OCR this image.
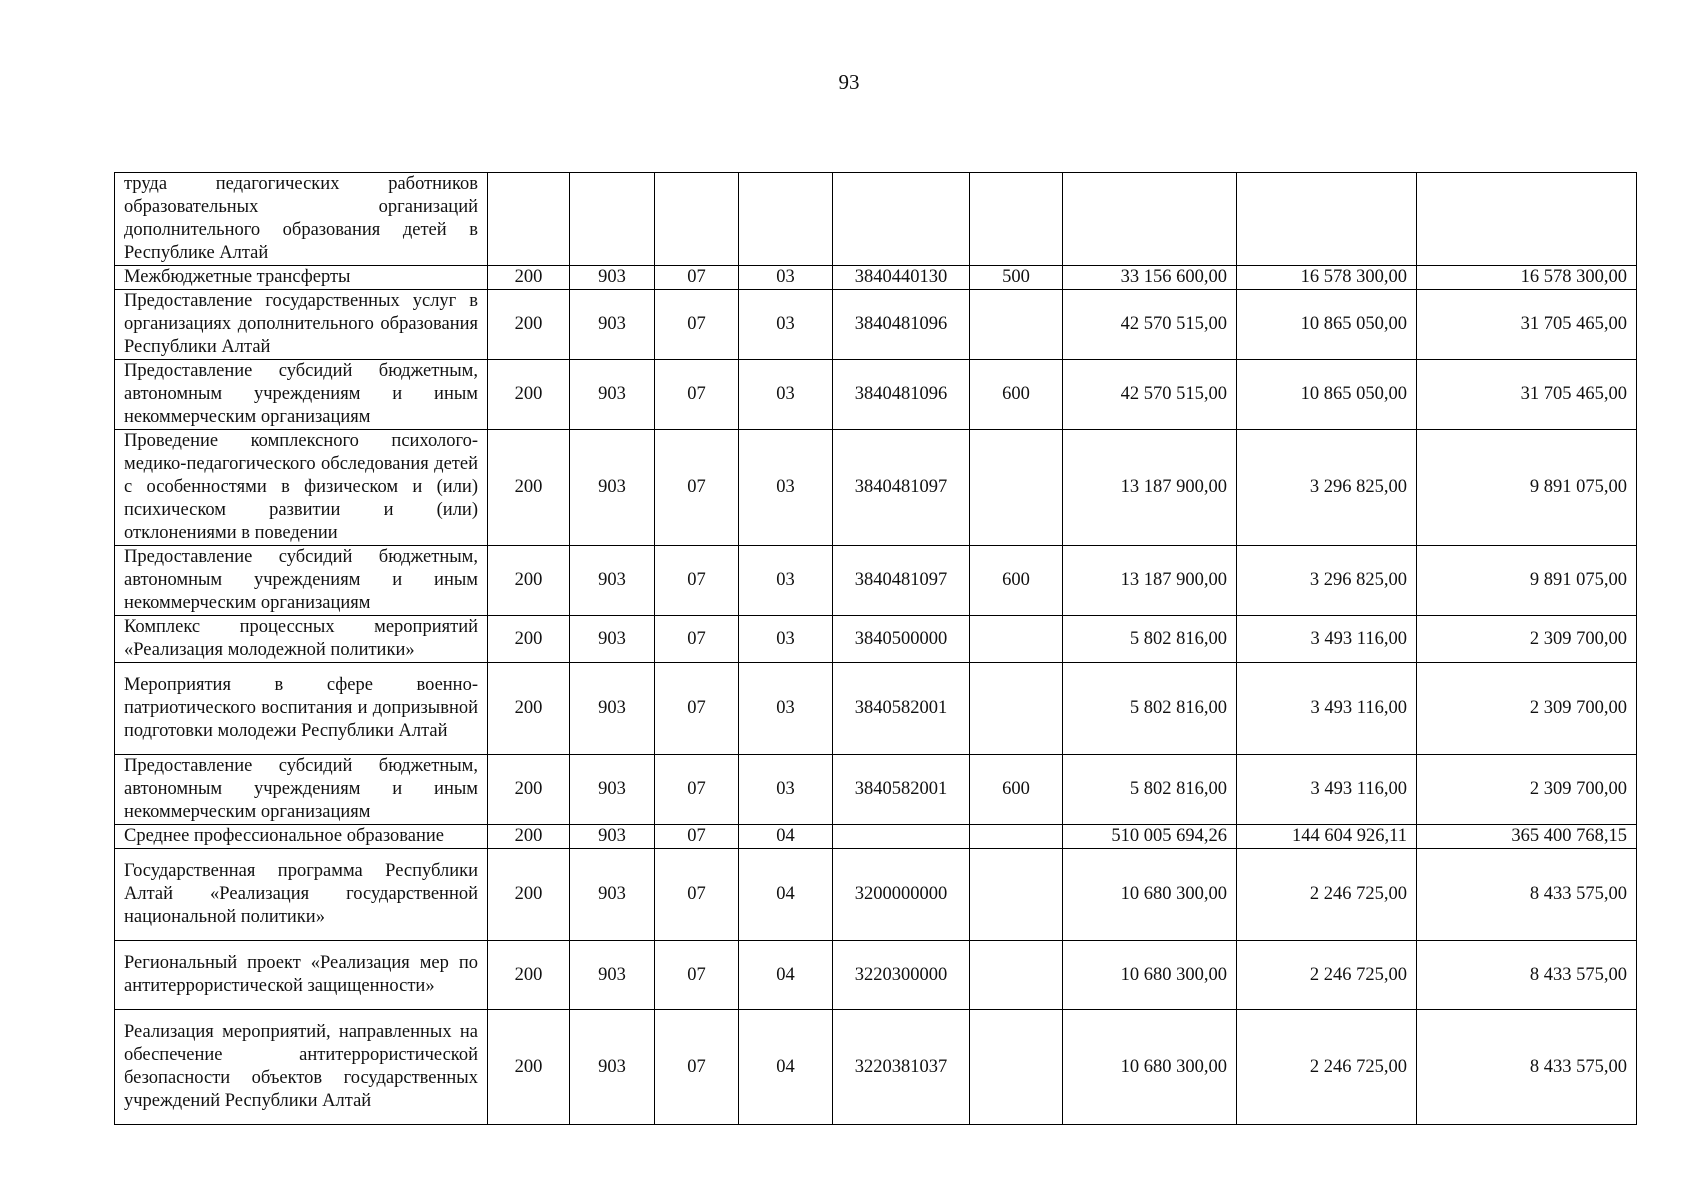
93
труда педагогических работников образовательных организаций дополнительного образования детей в Республике Алтай									
Межбюджетные трансферты	200	903	07	03	3840440130	500	33 156 600,00	16 578 300,00	16 578 300,00
Предоставление государственных услуг в организациях дополнительного образования Республики Алтай	200	903	07	03	3840481096		42 570 515,00	10 865 050,00	31 705 465,00
Предоставление субсидий бюджетным, автономным учреждениям и иным некоммерческим организациям	200	903	07	03	3840481096	600	42 570 515,00	10 865 050,00	31 705 465,00
Проведение комплексного психолого-медико-педагогического обследования детей с особенностями в физическом и (или) психическом развитии и (или) отклонениями в поведении	200	903	07	03	3840481097		13 187 900,00	3 296 825,00	9 891 075,00
Предоставление субсидий бюджетным, автономным учреждениям и иным некоммерческим организациям	200	903	07	03	3840481097	600	13 187 900,00	3 296 825,00	9 891 075,00
Комплекс процессных мероприятий «Реализация молодежной политики»	200	903	07	03	3840500000		5 802 816,00	3 493 116,00	2 309 700,00
Мероприятия в сфере военно-патриотического воспитания и допризывной подготовки молодежи Республики Алтай	200	903	07	03	3840582001		5 802 816,00	3 493 116,00	2 309 700,00
Предоставление субсидий бюджетным, автономным учреждениям и иным некоммерческим организациям	200	903	07	03	3840582001	600	5 802 816,00	3 493 116,00	2 309 700,00
Среднее профессиональное образование	200	903	07	04			510 005 694,26	144 604 926,11	365 400 768,15
Государственная программа Республики Алтай «Реализация государственной национальной политики»	200	903	07	04	3200000000		10 680 300,00	2 246 725,00	8 433 575,00
Региональный проект «Реализация мер по антитеррористической защищенности»	200	903	07	04	3220300000		10 680 300,00	2 246 725,00	8 433 575,00
Реализация мероприятий, направленных на обеспечение антитеррористической безопасности объектов государственных учреждений Республики Алтай	200	903	07	04	3220381037		10 680 300,00	2 246 725,00	8 433 575,00
